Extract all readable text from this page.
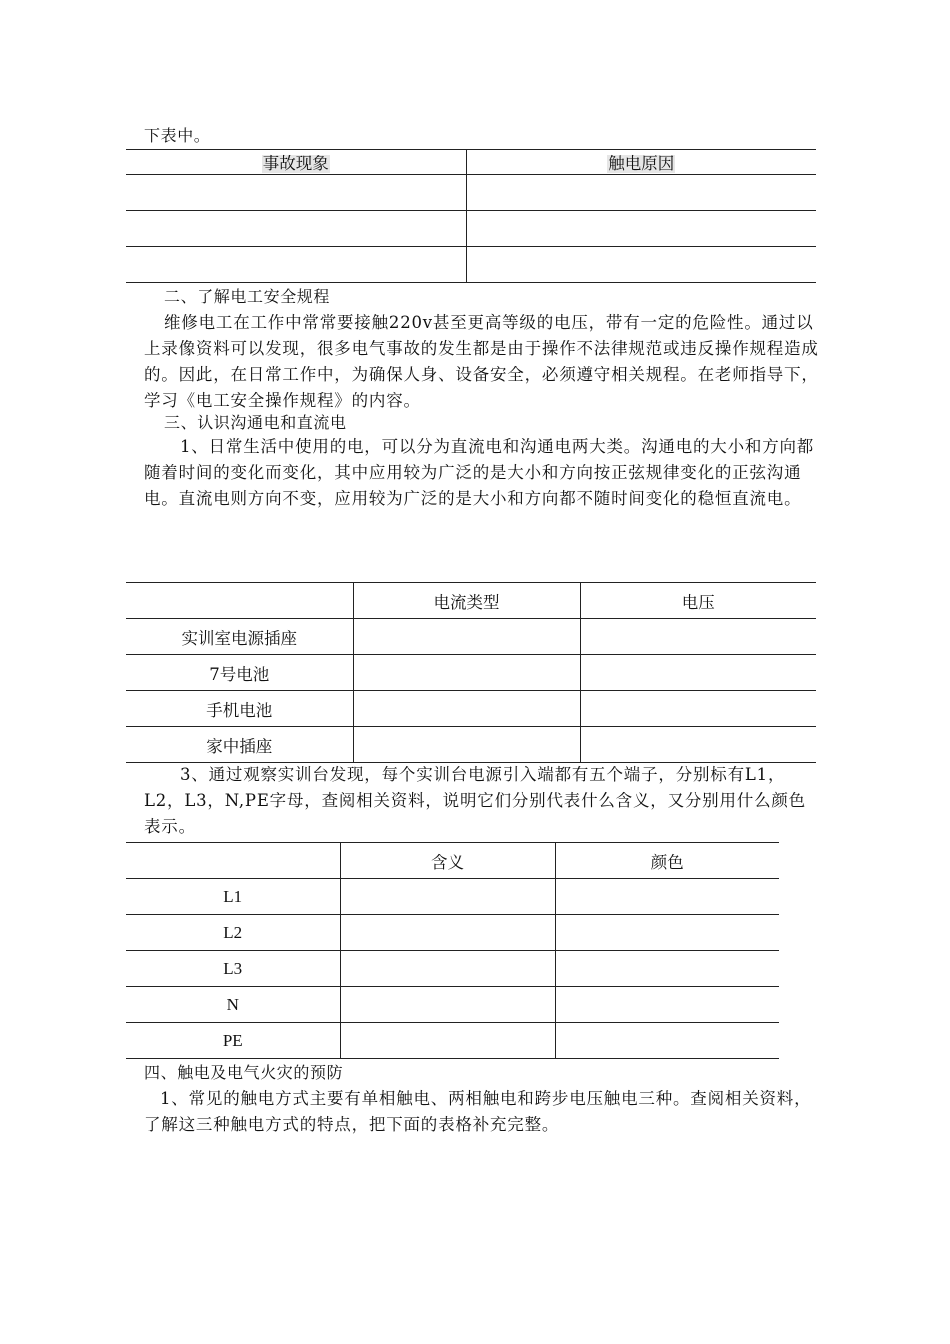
下表中。
事故现象	触电原因

二、了解电工安全规程
维修电工在工作中常常要接触220v甚至更高等级的电压，带有一定的危险性。通过以上录像资料可以发现，很多电气事故的发生都是由于操作不法律规范或违反操作规程造成的。因此，在日常工作中，为确保人身、设备安全，必须遵守相关规程。在老师指导下，学习《电工安全操作规程》的内容。
三、认识沟通电和直流电
1、日常生活中使用的电，可以分为直流电和沟通电两大类。沟通电的大小和方向都随着时间的变化而变化，其中应用较为广泛的是大小和方向按正弦规律变化的正弦沟通电。直流电则方向不变，应用较为广泛的是大小和方向都不随时间变化的稳恒直流电。
	电流类型	电压
实训室电源插座		
7号电池		
手机电池		
家中插座		
3、通过观察实训台发现，每个实训台电源引入端都有五个端子，分别标有L1，L2，L3，N,PE字母，查阅相关资料，说明它们分别代表什么含义，又分别用什么颜色表示。
	含义	颜色
L1		
L2		
L3		
N		
PE		
四、触电及电气火灾的预防
1、常见的触电方式主要有单相触电、两相触电和跨步电压触电三种。查阅相关资料，了解这三种触电方式的特点，把下面的表格补充完整。
